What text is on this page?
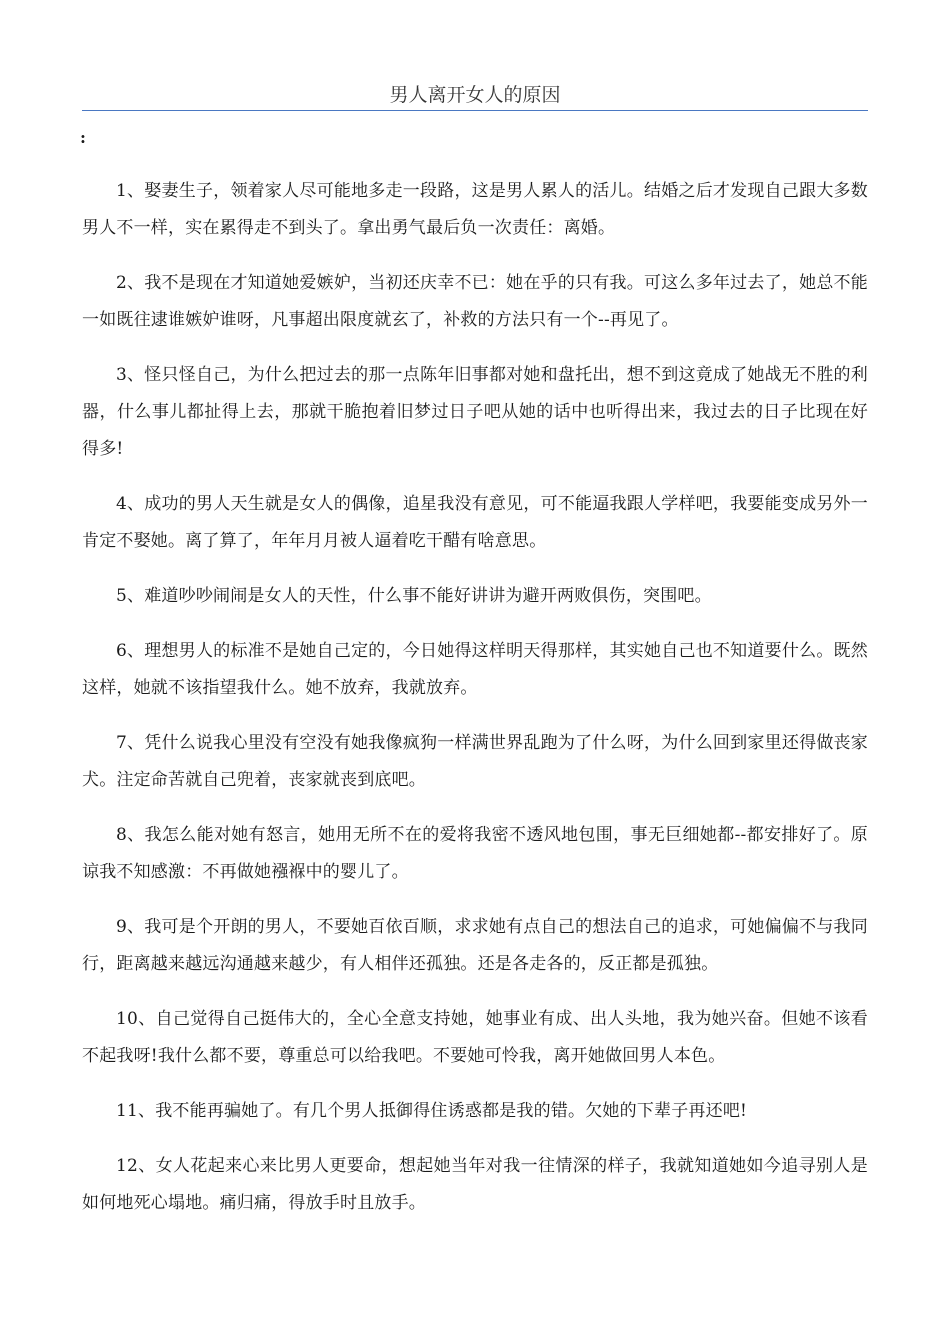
男人离开女人的原因
:

1、娶妻生子，领着家人尽可能地多走一段路，这是男人累人的活儿。结婚之后才发现自己跟大多数男人不一样，实在累得走不到头了。拿出勇气最后负一次责任：离婚。

2、我不是现在才知道她爱嫉妒，当初还庆幸不已：她在乎的只有我。可这么多年过去了，她总不能一如既往逮谁嫉妒谁呀，凡事超出限度就玄了，补救的方法只有一个--再见了。

3、怪只怪自己，为什么把过去的那一点陈年旧事都对她和盘托出，想不到这竟成了她战无不胜的利器，什么事儿都扯得上去，那就干脆抱着旧梦过日子吧从她的话中也听得出来，我过去的日子比现在好得多!

4、成功的男人天生就是女人的偶像，追星我没有意见，可不能逼我跟人学样吧，我要能变成另外一肯定不娶她。离了算了，年年月月被人逼着吃干醋有啥意思。

5、难道吵吵闹闹是女人的天性，什么事不能好讲讲为避开两败俱伤，突围吧。

6、理想男人的标准不是她自己定的，今日她得这样明天得那样，其实她自己也不知道要什么。既然这样，她就不该指望我什么。她不放弃，我就放弃。

7、凭什么说我心里没有空没有她我像疯狗一样满世界乱跑为了什么呀，为什么回到家里还得做丧家犬。注定命苦就自己兜着，丧家就丧到底吧。

8、我怎么能对她有怒言，她用无所不在的爱将我密不透风地包围，事无巨细她都--都安排好了。原谅我不知感激：不再做她襁褓中的婴儿了。

9、我可是个开朗的男人，不要她百依百顺，求求她有点自己的想法自己的追求，可她偏偏不与我同行，距离越来越远沟通越来越少，有人相伴还孤独。还是各走各的，反正都是孤独。

10、自己觉得自己挺伟大的，全心全意支持她，她事业有成、出人头地，我为她兴奋。但她不该看不起我呀!我什么都不要，尊重总可以给我吧。不要她可怜我，离开她做回男人本色。

11、我不能再骗她了。有几个男人抵御得住诱惑都是我的错。欠她的下辈子再还吧!

12、女人花起来心来比男人更要命，想起她当年对我一往情深的样子，我就知道她如今追寻别人是如何地死心塌地。痛归痛，得放手时且放手。
